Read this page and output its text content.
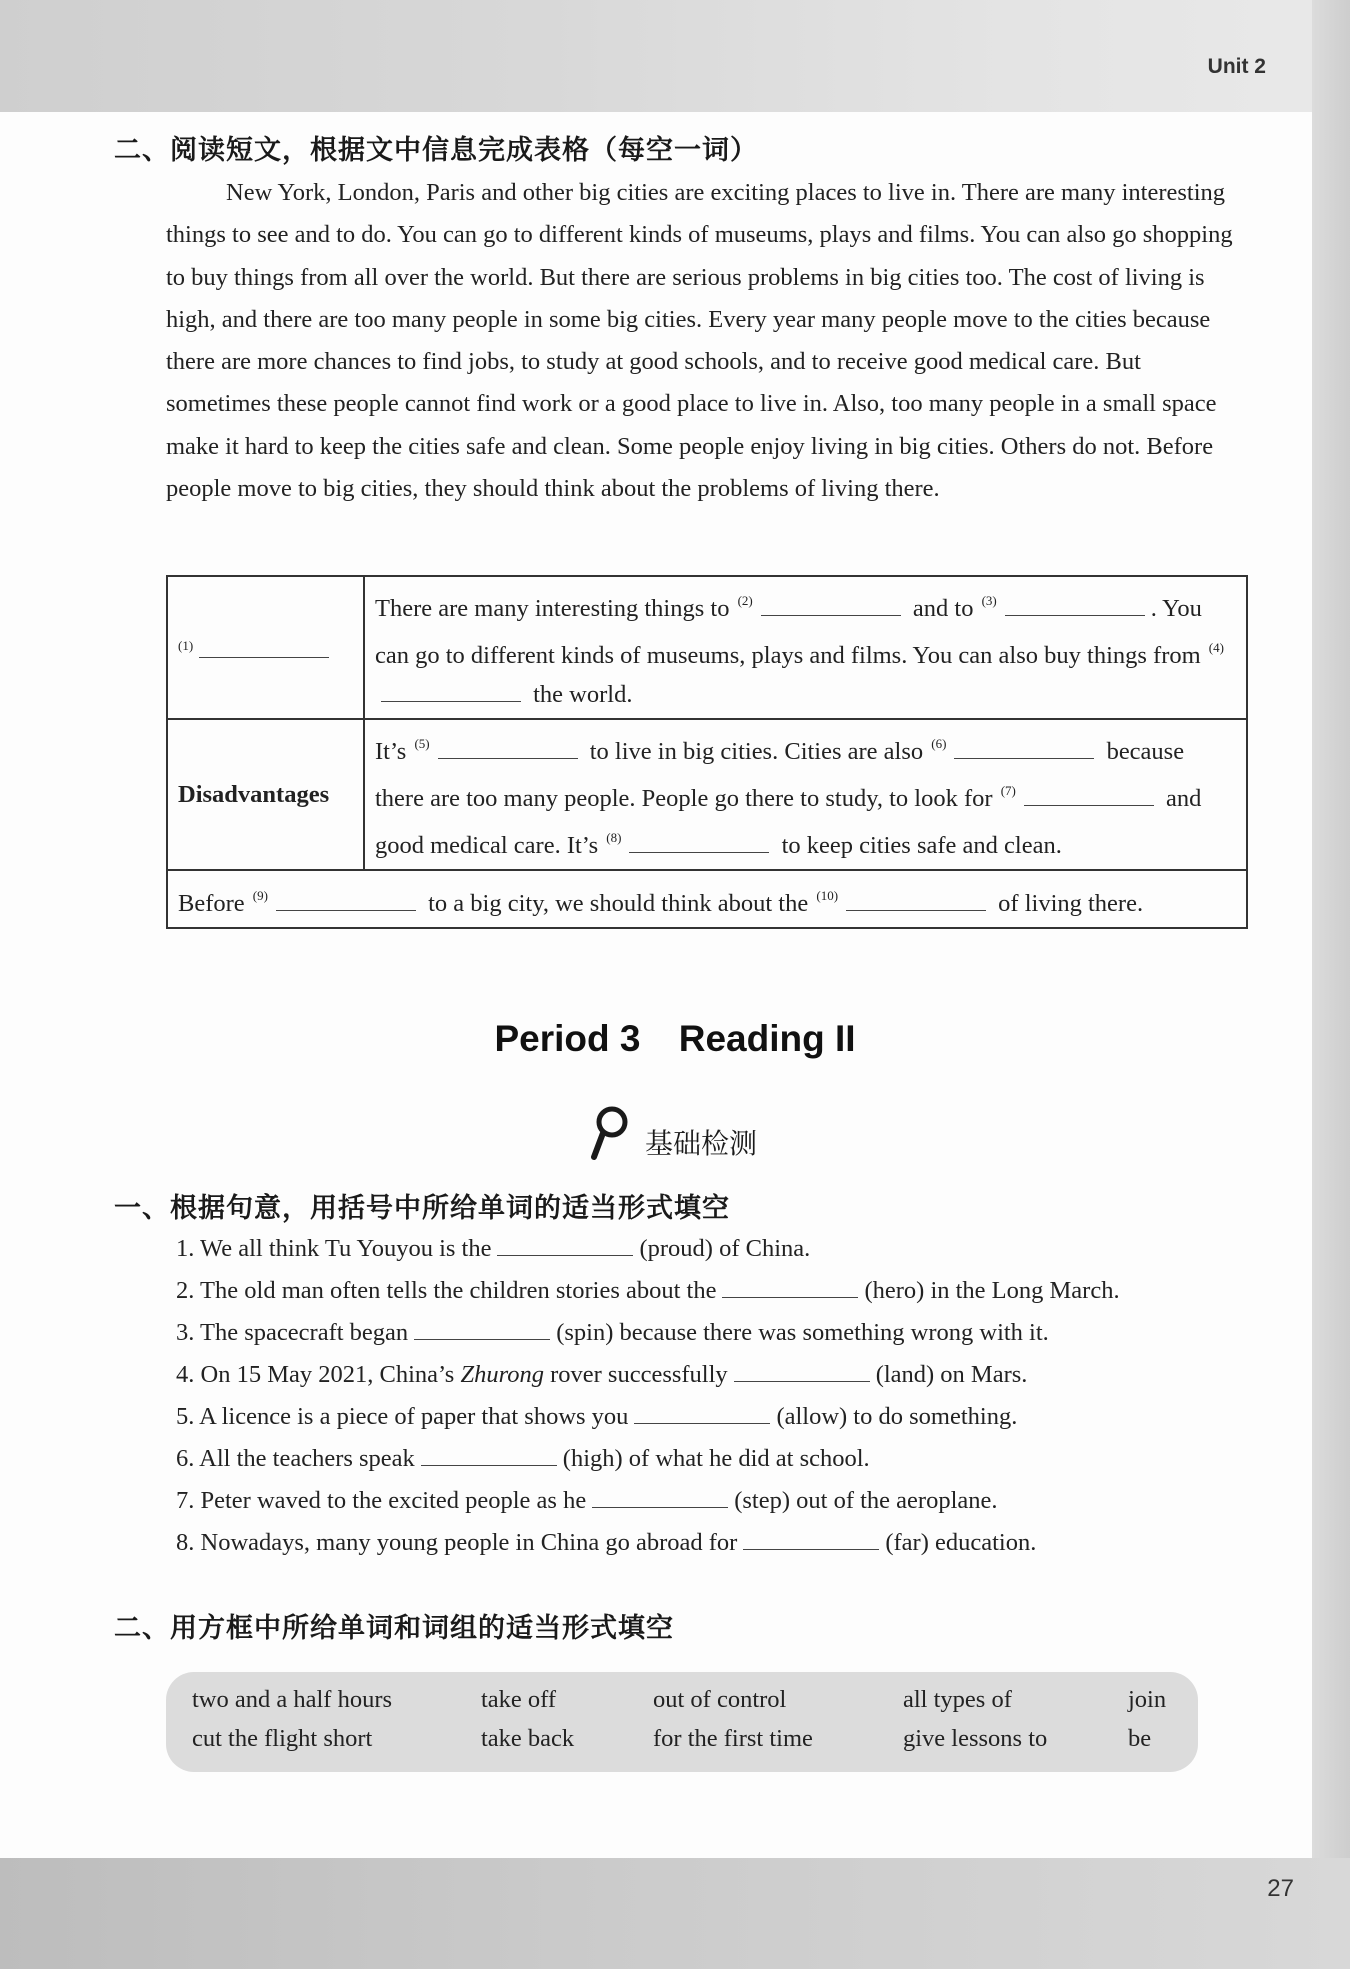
Unit 2
二、阅读短文，根据文中信息完成表格（每空一词）

New York, London, Paris and other big cities are exciting places to live in. There are many interesting things to see and to do. You can go to different kinds of museums, plays and films. You can also go shopping to buy things from all over the world. But there are serious problems in big cities too. The cost of living is high, and there are too many people in some big cities. Every year many people move to the cities because there are more chances to find jobs, to study at good schools, and to receive good medical care. But sometimes these people cannot find work or a good place to live in. Also, too many people in a small space make it hard to keep the cities safe and clean. Some people enjoy living in big cities. Others do not. Before people move to big cities, they should think about the problems of living there.

$^{(1)}$	There are many interesting things to $^{(2)}$ and to $^{(3)}$ . You can go to different kinds of museums, plays and films. You can also buy things from $^{(4)}$ the world.
Disadvantages	It’s $^{(5)}$ to live in big cities. Cities are also $^{(6)}$ because there are too many people. People go there to study, to look for $^{(7)}$ and good medical care. It’s $^{(8)}$ to keep cities safe and clean.
Before $^{(9)}$ to a big city, we should think about the $^{(10)}$ of living there.	
Period 3 Reading II
基础检测
一、根据句意，用括号中所给单词的适当形式填空
1. We all think Tu Youyou is the	(proud) of China.
2. The old man often tells the children stories about the	(hero) in the Long March.
3. The spacecraft began	(spin) because there was something wrong with it.
4. On 15 May 2021, China’s Zhurong rover successfully	(land) on Mars.
5. A licence is a piece of paper that shows you	(allow) to do something.
6. All the teachers speak	(high) of what he did at school.
7. Peter waved to the excited people as he	(step) out of the aeroplane.
8. Nowadays, many young people in China go abroad for	(far) education.
二、用方框中所给单词和词组的适当形式填空
two and a half hours	take off	out of control	all types of	join
cut the flight short	take back	for the first time	give lessons to	be
27
